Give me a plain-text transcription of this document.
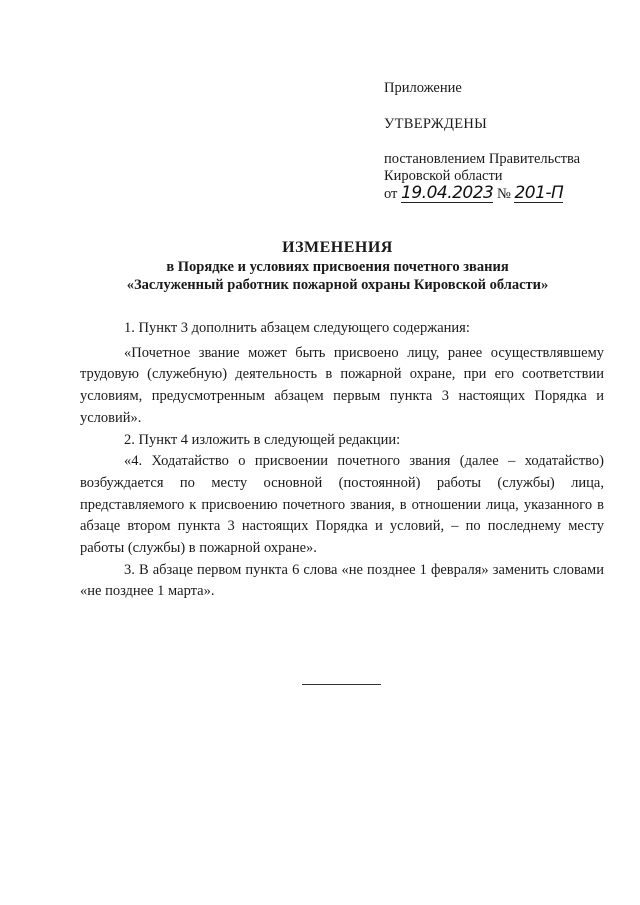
Приложение
УТВЕРЖДЕНЫ
постановлением Правительства
Кировской области
от 19.04.2023 № 201-П
ИЗМЕНЕНИЯ
в Порядке и условиях присвоения почетного звания
«Заслуженный работник пожарной охраны Кировской области»

1. Пункт 3 дополнить абзацем следующего содержания:

«Почетное звание может быть присвоено лицу, ранее осуществлявшему трудовую (служебную) деятельность в пожарной охране, при его соответствии условиям, предусмотренным абзацем первым пункта 3 настоящих Порядка и условий».

2. Пункт 4 изложить в следующей редакции:

«4. Ходатайство о присвоении почетного звания (далее – ходатайство) возбуждается по месту основной (постоянной) работы (службы) лица, представляемого к присвоению почетного звания, в отношении лица, указанного в абзаце втором пункта 3 настоящих Порядка и условий, – по последнему месту работы (службы) в пожарной охране».

3. В абзаце первом пункта 6 слова «не позднее 1 февраля» заменить словами «не позднее 1 марта».
